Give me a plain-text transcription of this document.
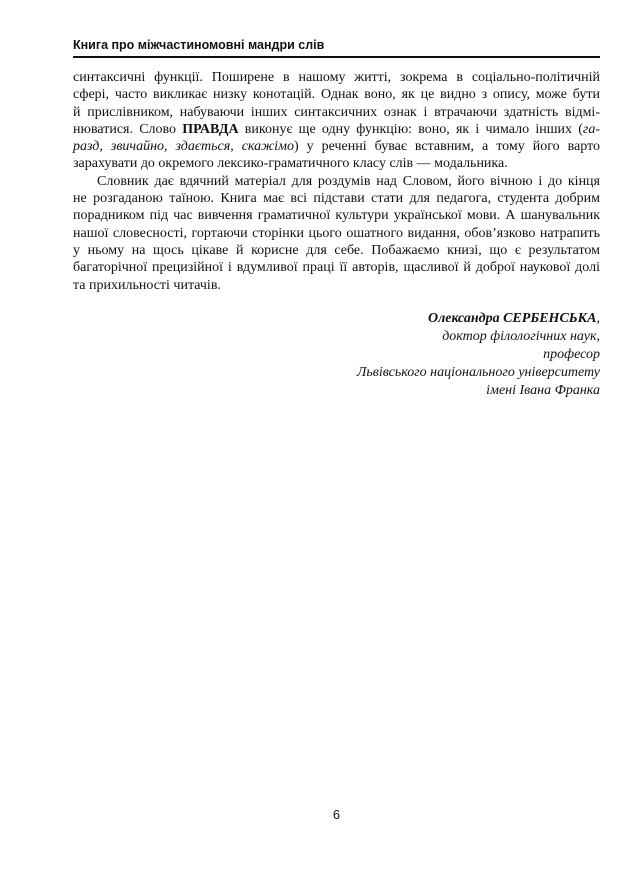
Книга про міжчастиномовні мандри слів
синтаксичні функції. Поширене в нашому житті, зокрема в соціально-політичній
сфері, часто викликає низку конотацій. Однак воно, як це видно з опису, може бути
й прислівником, набуваючи інших синтаксичних ознак і втрачаючи здатність відмі-
нюватися. Слово ПРАВДА виконує ще одну функцію: воно, як і чимало інших (га-
разд, звичайно, здається, скажімо) у реченні буває вставним, а тому його варто
зарахувати до окремого лексико-граматичного класу слів — модальника.
Словник дає вдячний матеріал для роздумів над Словом, його вічною і до кінця
не розгаданою таїною. Книга має всі підстави стати для педагога, студента добрим
порадником під час вивчення граматичної культури української мови. А шанувальник
нашої словесності, гортаючи сторінки цього ошатного видання, обов’язково натрапить
у ньому на щось цікаве й корисне для себе. Побажаємо книзі, що є результатом
багаторічної прецизійної і вдумливої праці її авторів, щасливої й доброї наукової долі
та прихильності читачів.
Олександра СЕРБЕНСЬКА,
доктор філологічних наук,
професор
Львівського національного університету
імені Івана Франка
6
